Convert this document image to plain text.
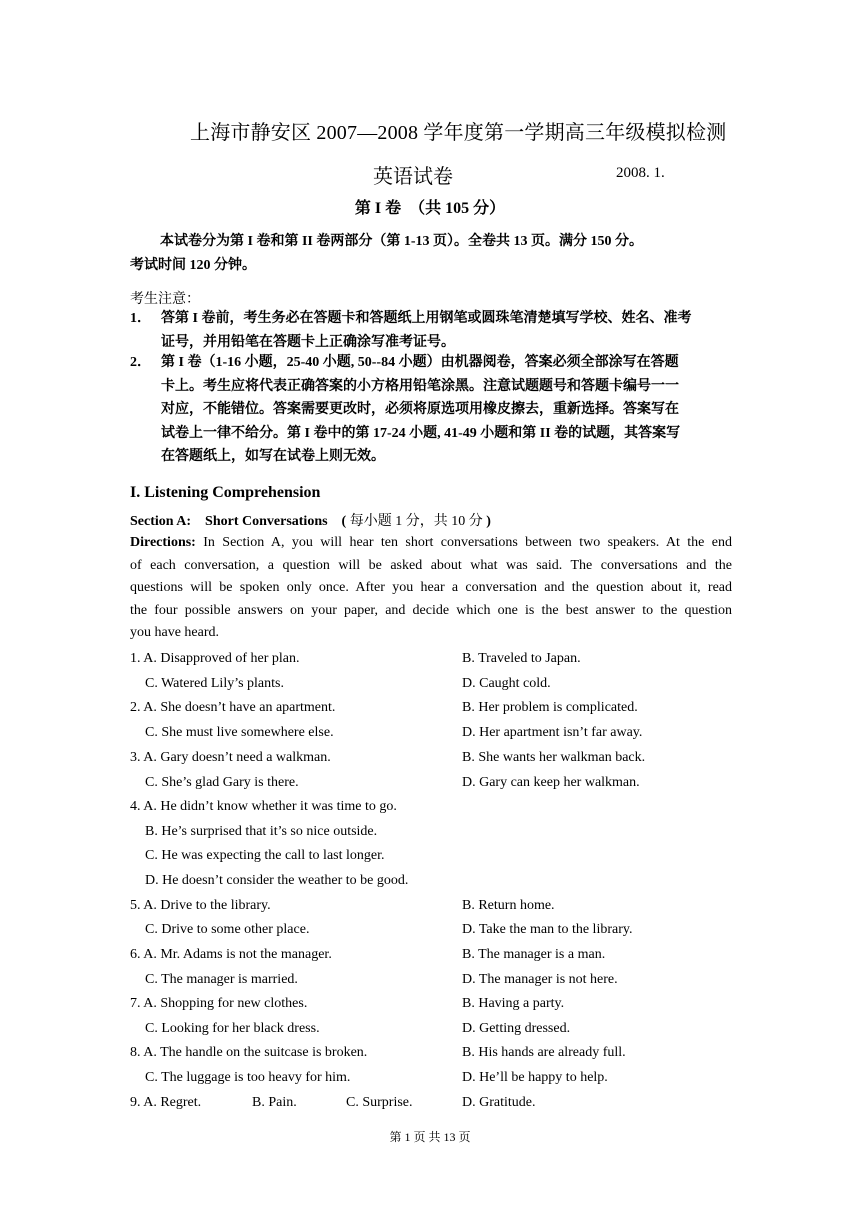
上海市静安区 2007—2008 学年度第一学期高三年级模拟检测
英语试卷	2008. 1.
第 I 卷　（共 105 分）
本试卷分为第 I 卷和第 II 卷两部分（第 1-13 页）。全卷共 13 页。满分 150 分。
考试时间 120 分钟。
考生注意：
1． 答第 I 卷前，考生务必在答题卡和答题纸上用钢笔或圆珠笔清楚填写学校、姓名、准考
证号，并用铅笔在答题卡上正确涂写准考证号。
2． 第 I 卷（1-16 小题，25-40 小题, 50--84 小题）由机器阅卷，答案必须全部涂写在答题
卡上。考生应将代表正确答案的小方格用铅笔涂黑。注意试题题号和答题卡编号一一
对应，不能错位。答案需要更改时，必须将原选项用橡皮擦去，重新选择。答案写在
试卷上一律不给分。第 I 卷中的第 17-24 小题, 41-49 小题和第 II 卷的试题，其答案写
在答题纸上，如写在试卷上则无效。
I. Listening Comprehension
Section A:　Short Conversations　( 每小题 1 分，共 10 分 )
Directions: In Section A, you will hear ten short conversations between two speakers. At the end
of each conversation, a question will be asked about what was said. The conversations and the
questions will be spoken only once. After you hear a conversation and the question about it, read
the four possible answers on your paper, and decide which one is the best answer to the question
you have heard.
1. A. Disapproved of her plan.	B. Traveled to Japan.
C. Watered Lily’s plants.	D. Caught cold.
2. A. She doesn’t have an apartment.	B. Her problem is complicated.
C. She must live somewhere else.	D. Her apartment isn’t far away.
3. A. Gary doesn’t need a walkman.	B. She wants her walkman back.
C. She’s glad Gary is there.	D. Gary can keep her walkman.
4. A. He didn’t know whether it was time to go.
B. He’s surprised that it’s so nice outside.
C. He was expecting the call to last longer.
D. He doesn’t consider the weather to be good.
5. A. Drive to the library.	B. Return home.
C. Drive to some other place.	D. Take the man to the library.
6. A. Mr. Adams is not the manager.	B. The manager is a man.
C. The manager is married.	D. The manager is not here.
7. A. Shopping for new clothes.	B. Having a party.
C. Looking for her black dress.	D. Getting dressed.
8. A. The handle on the suitcase is broken.	B. His hands are already full.
C. The luggage is too heavy for him.	D. He’ll be happy to help.
9. A. Regret.	B. Pain.	C. Surprise.	D. Gratitude.
第 1 页 共 13 页
